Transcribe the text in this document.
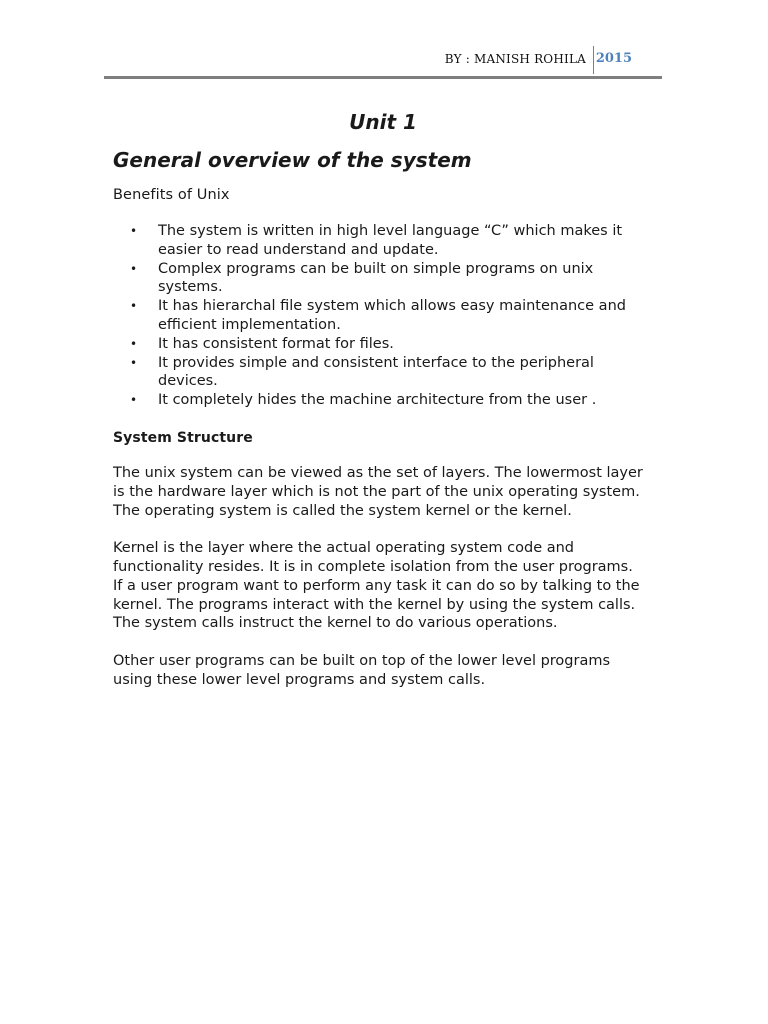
BY : MANISH ROHILA 2015
Unit 1
General overview of the system
Benefits of Unix
• The system is written in high level language “C” which makes it easier to read understand and update.
• Complex programs can be built on simple programs on unix systems.
• It has hierarchal file system which allows easy maintenance and efficient implementation.
• It has consistent format for files.
• It provides simple and consistent interface to the peripheral devices.
• It completely hides the machine architecture from the user .
System Structure

The unix system can be viewed as the set of layers. The lowermost layer is the hardware layer which is not the part of the unix operating system. The operating system is called the system kernel or the kernel.

Kernel is the layer where the actual operating system code and functionality resides. It is in complete isolation from the user programs.

If a user program want to perform any task it can do so by talking to the kernel. The programs interact with the kernel by using the system calls. The system calls instruct the kernel to do various operations.

Other user programs can be built on top of the lower level programs using these lower level programs and system calls.
